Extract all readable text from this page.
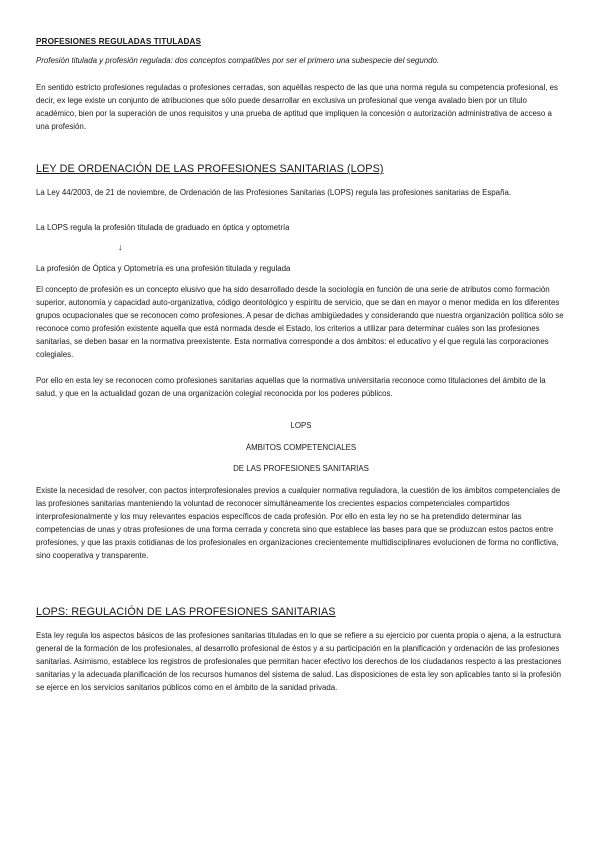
PROFESIONES REGULADAS TITULADAS

Profesión titulada y profesión regulada: dos conceptos compatibles por ser el primero una subespecie del segundo.

En sentido estricto profesiones reguladas o profesiones cerradas, son aquéllas respecto de las que una norma regula su competencia profesional, es decir, ex lege existe un conjunto de atribuciones que sólo puede desarrollar en exclusiva un profesional que venga avalado bien por un título académico, bien por la superación de unos requisitos y una prueba de aptitud que impliquen la concesión o autorización administrativa de acceso a una profesión.

LEY DE ORDENACIÓN DE LAS PROFESIONES SANITARIAS (LOPS)

La Ley 44/2003, de 21 de noviembre, de Ordenación de las Profesiones Sanitarias (LOPS) regula las profesiones sanitarias de España.

La LOPS regula la profesión titulada de graduado en óptica y optometría

↓

La profesión de Óptica y Optometría es una profesión titulada y regulada

El concepto de profesión es un concepto elusivo que ha sido desarrollado desde la sociología en función de una serie de atributos como formación superior, autonomía y capacidad auto-organizativa, código deontológico y espíritu de servicio, que se dan en mayor o menor medida en los diferentes grupos ocupacionales que se reconocen como profesiones. A pesar de dichas ambigüedades y considerando que nuestra organización política sólo se reconoce como profesión existente aquella que está normada desde el Estado, los criterios a utilizar para determinar cuáles son las profesiones sanitarias, se deben basar en la normativa preexistente. Esta normativa corresponde a dos ámbitos: el educativo y el que regula las corporaciones colegiales.

Por ello en esta ley se reconocen como profesiones sanitarias aquellas que la normativa universitaria reconoce como titulaciones del ámbito de la salud, y que en la actualidad gozan de una organización colegial reconocida por los poderes públicos.

LOPS
ÁMBITOS COMPETENCIALES
DE LAS PROFESIONES SANITARIAS

Existe la necesidad de resolver, con pactos interprofesionales previos a cualquier normativa reguladora, la cuestión de los ámbitos competenciales de las profesiones sanitarias manteniendo la voluntad de reconocer simultáneamente los crecientes espacios competenciales compartidos interprofesionalmente y los muy relevantes espacios específicos de cada profesión. Por ello en esta ley no se ha pretendido determinar las competencias de unas y otras profesiones de una forma cerrada y concreta sino que establece las bases para que se produzcan estos pactos entre profesiones, y que las praxis cotidianas de los profesionales en organizaciones crecientemente multidisciplinares evolucionen de forma no conflictiva, sino cooperativa y transparente.

LOPS: REGULACIÓN DE LAS PROFESIONES SANITARIAS

Esta ley regula los aspectos básicos de las profesiones sanitarias tituladas en lo que se refiere a su ejercicio por cuenta propia o ajena, a la estructura general de la formación de los profesionales, al desarrollo profesional de éstos y a su participación en la planificación y ordenación de las profesiones sanitarias. Asimismo, establece los registros de profesionales que permitan hacer efectivo los derechos de los ciudadanos respecto a las prestaciones sanitarias y la adecuada planificación de los recursos humanos del sistema de salud. Las disposiciones de esta ley son aplicables tanto si la profesión se ejerce en los servicios sanitarios públicos como en el ámbito de la sanidad privada.
